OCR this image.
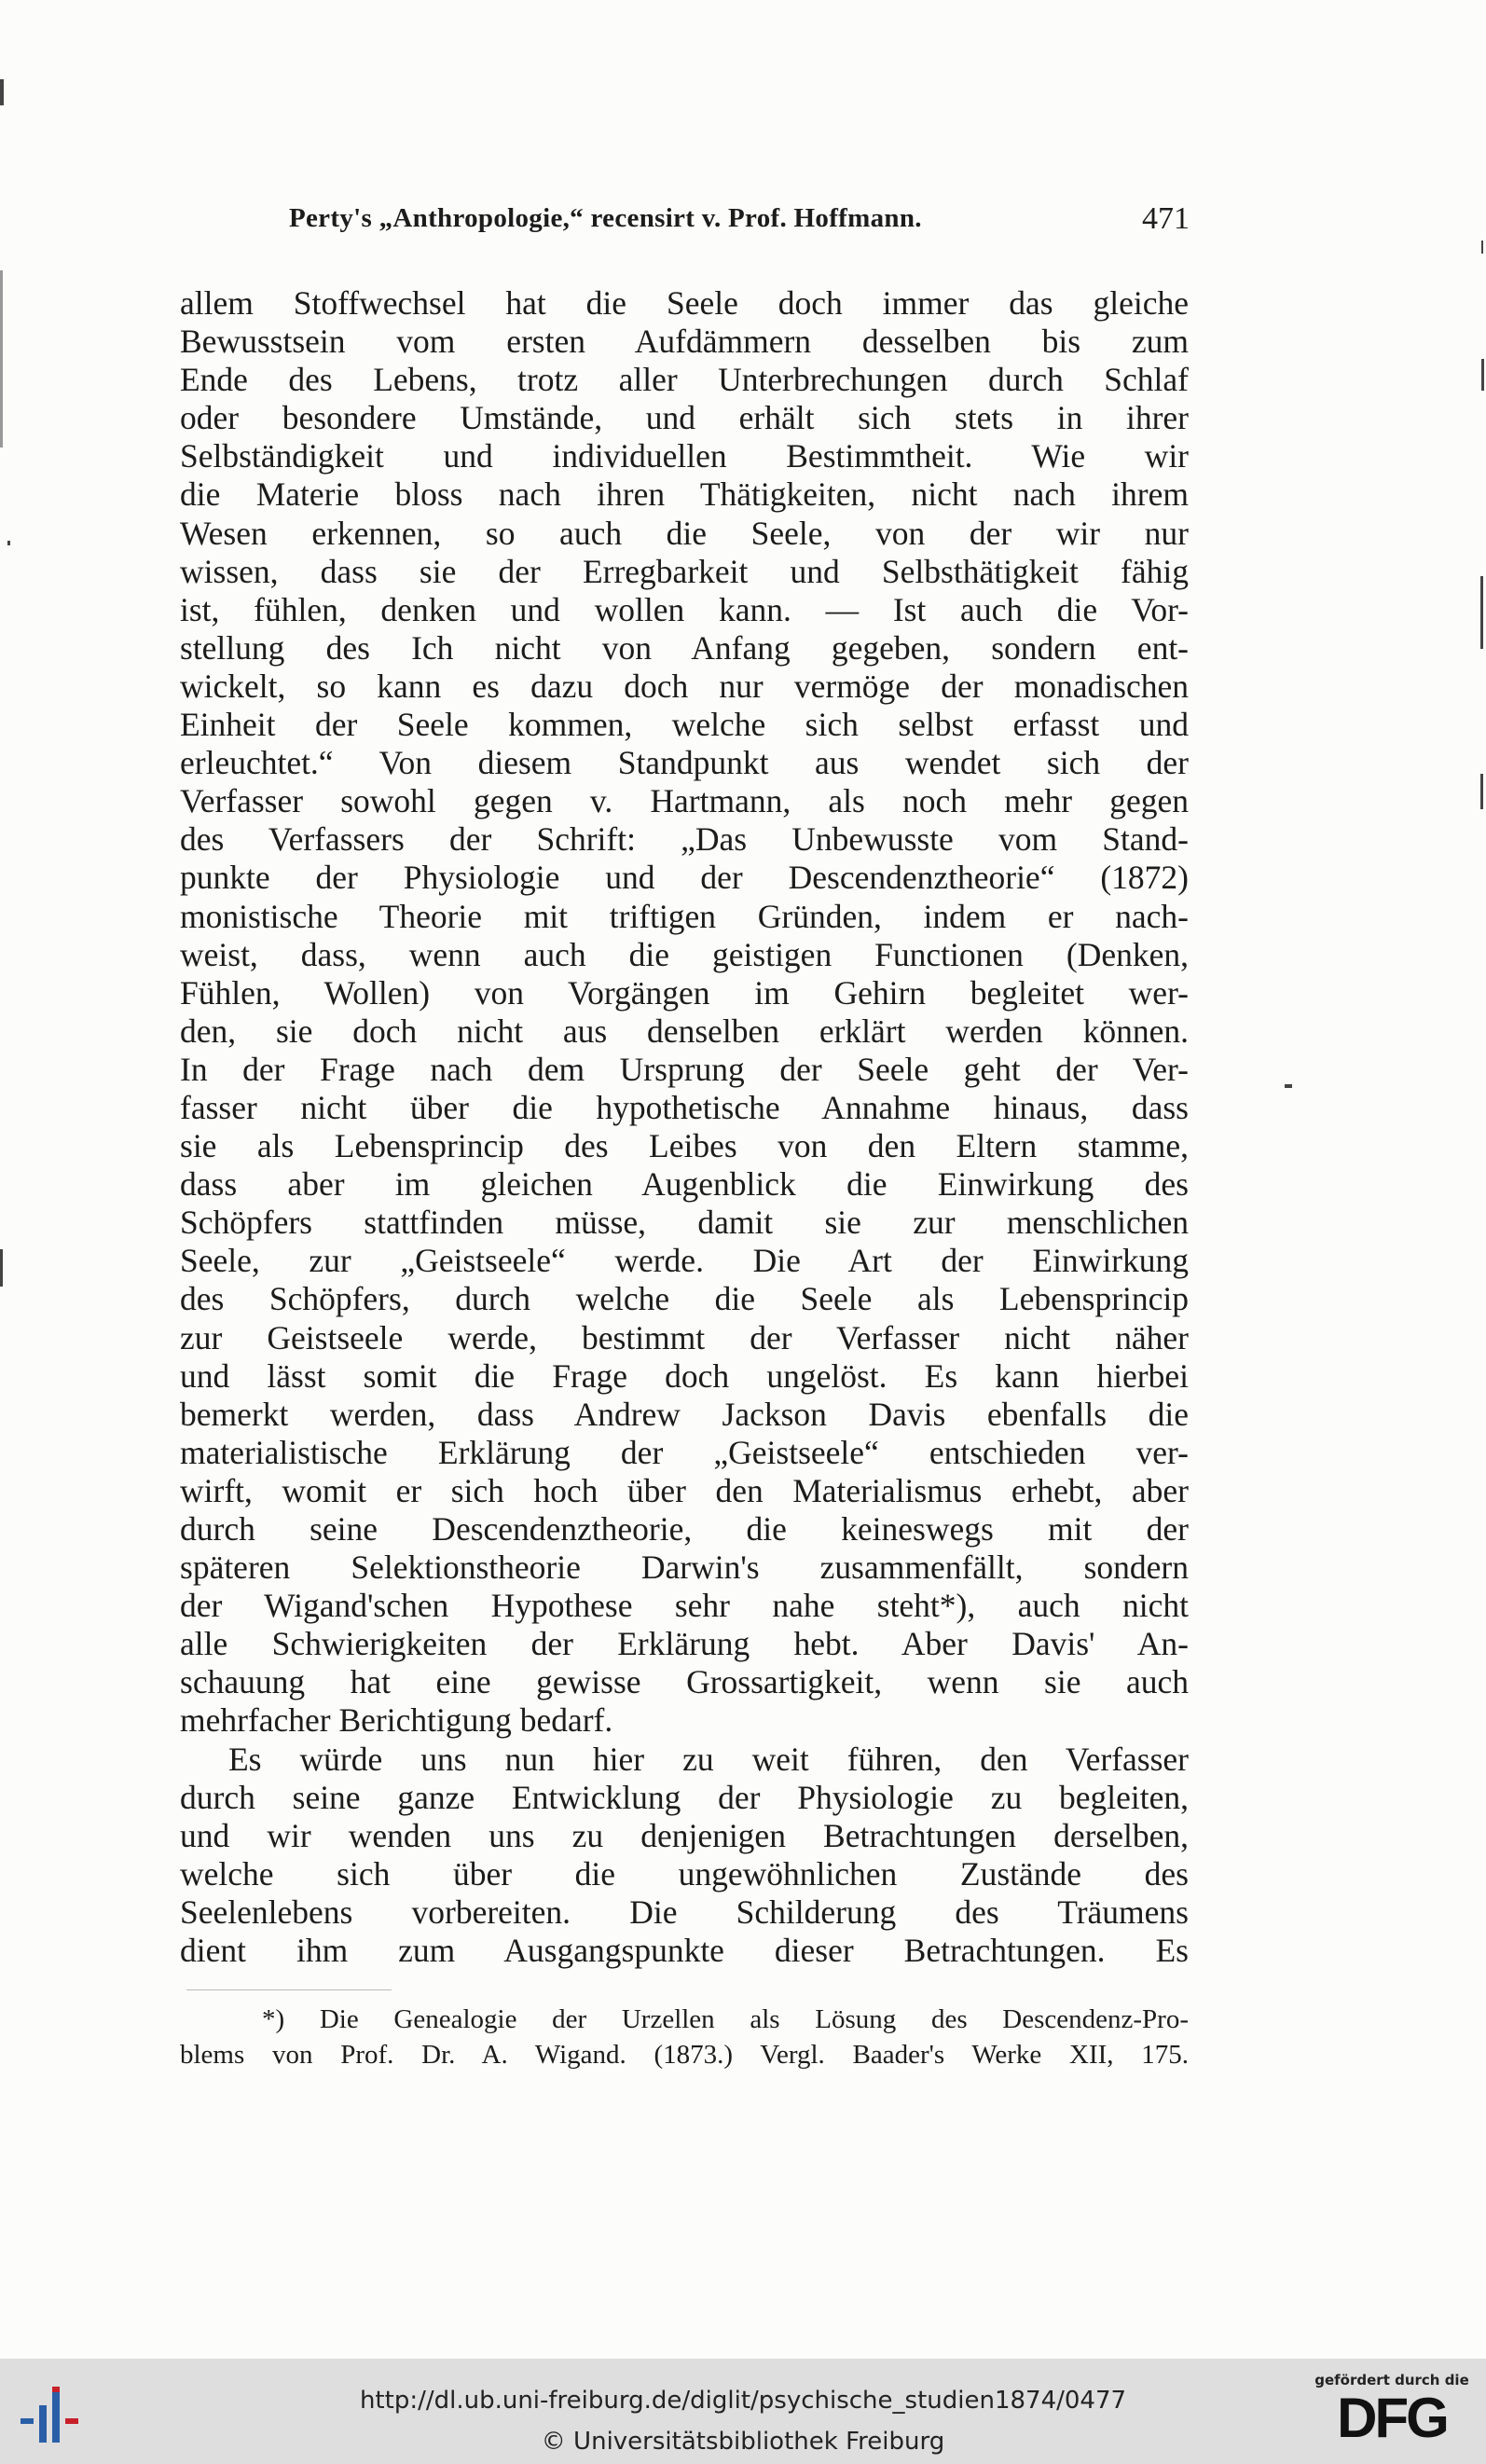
Perty's „Anthropologie,“ recensirt v. Prof. Hoffmann.	471
allem Stoffwechsel hat die Seele doch immer das gleiche
Bewusstsein vom ersten Aufdämmern desselben bis zum
Ende des Lebens, trotz aller Unterbrechungen durch Schlaf
oder besondere Umstände, und erhält sich stets in ihrer
Selbständigkeit und individuellen Bestimmtheit. Wie wir
die Materie bloss nach ihren Thätigkeiten, nicht nach ihrem
Wesen erkennen, so auch die Seele, von der wir nur
wissen, dass sie der Erregbarkeit und Selbsthätigkeit fähig
ist, fühlen, denken und wollen kann. — Ist auch die Vor-
stellung des Ich nicht von Anfang gegeben, sondern ent-
wickelt, so kann es dazu doch nur vermöge der monadischen
Einheit der Seele kommen, welche sich selbst erfasst und
erleuchtet.“ Von diesem Standpunkt aus wendet sich der
Verfasser sowohl gegen v. Hartmann, als noch mehr gegen
des Verfassers der Schrift: „Das Unbewusste vom Stand-
punkte der Physiologie und der Descendenztheorie“ (1872)
monistische Theorie mit triftigen Gründen, indem er nach-
weist, dass, wenn auch die geistigen Functionen (Denken,
Fühlen, Wollen) von Vorgängen im Gehirn begleitet wer-
den, sie doch nicht aus denselben erklärt werden können.
In der Frage nach dem Ursprung der Seele geht der Ver-
fasser nicht über die hypothetische Annahme hinaus, dass
sie als Lebensprincip des Leibes von den Eltern stamme,
dass aber im gleichen Augenblick die Einwirkung des
Schöpfers stattfinden müsse, damit sie zur menschlichen
Seele, zur „Geistseele“ werde. Die Art der Einwirkung
des Schöpfers, durch welche die Seele als Lebensprincip
zur Geistseele werde, bestimmt der Verfasser nicht näher
und lässt somit die Frage doch ungelöst. Es kann hierbei
bemerkt werden, dass Andrew Jackson Davis ebenfalls die
materialistische Erklärung der „Geistseele“ entschieden ver-
wirft, womit er sich hoch über den Materialismus erhebt, aber
durch seine Descendenztheorie, die keineswegs mit der
späteren Selektionstheorie Darwin's zusammenfällt, sondern
der Wigand'schen Hypothese sehr nahe steht*), auch nicht
alle Schwierigkeiten der Erklärung hebt. Aber Davis' An-
schauung hat eine gewisse Grossartigkeit, wenn sie auch
mehrfacher Berichtigung bedarf.
Es würde uns nun hier zu weit führen, den Verfasser
durch seine ganze Entwicklung der Physiologie zu begleiten,
und wir wenden uns zu denjenigen Betrachtungen derselben,
welche sich über die ungewöhnlichen Zustände des
Seelenlebens vorbereiten. Die Schilderung des Träumens
dient ihm zum Ausgangspunkte dieser Betrachtungen. Es
*) Die Genealogie der Urzellen als Lösung des Descendenz-Pro-
blems von Prof. Dr. A. Wigand. (1873.) Vergl. Baader's Werke XII, 175.
http://dl.ub.uni-freiburg.de/diglit/psychische_studien1874/0477
© Universitätsbibliothek Freiburg
gefördert durch die
DFG
